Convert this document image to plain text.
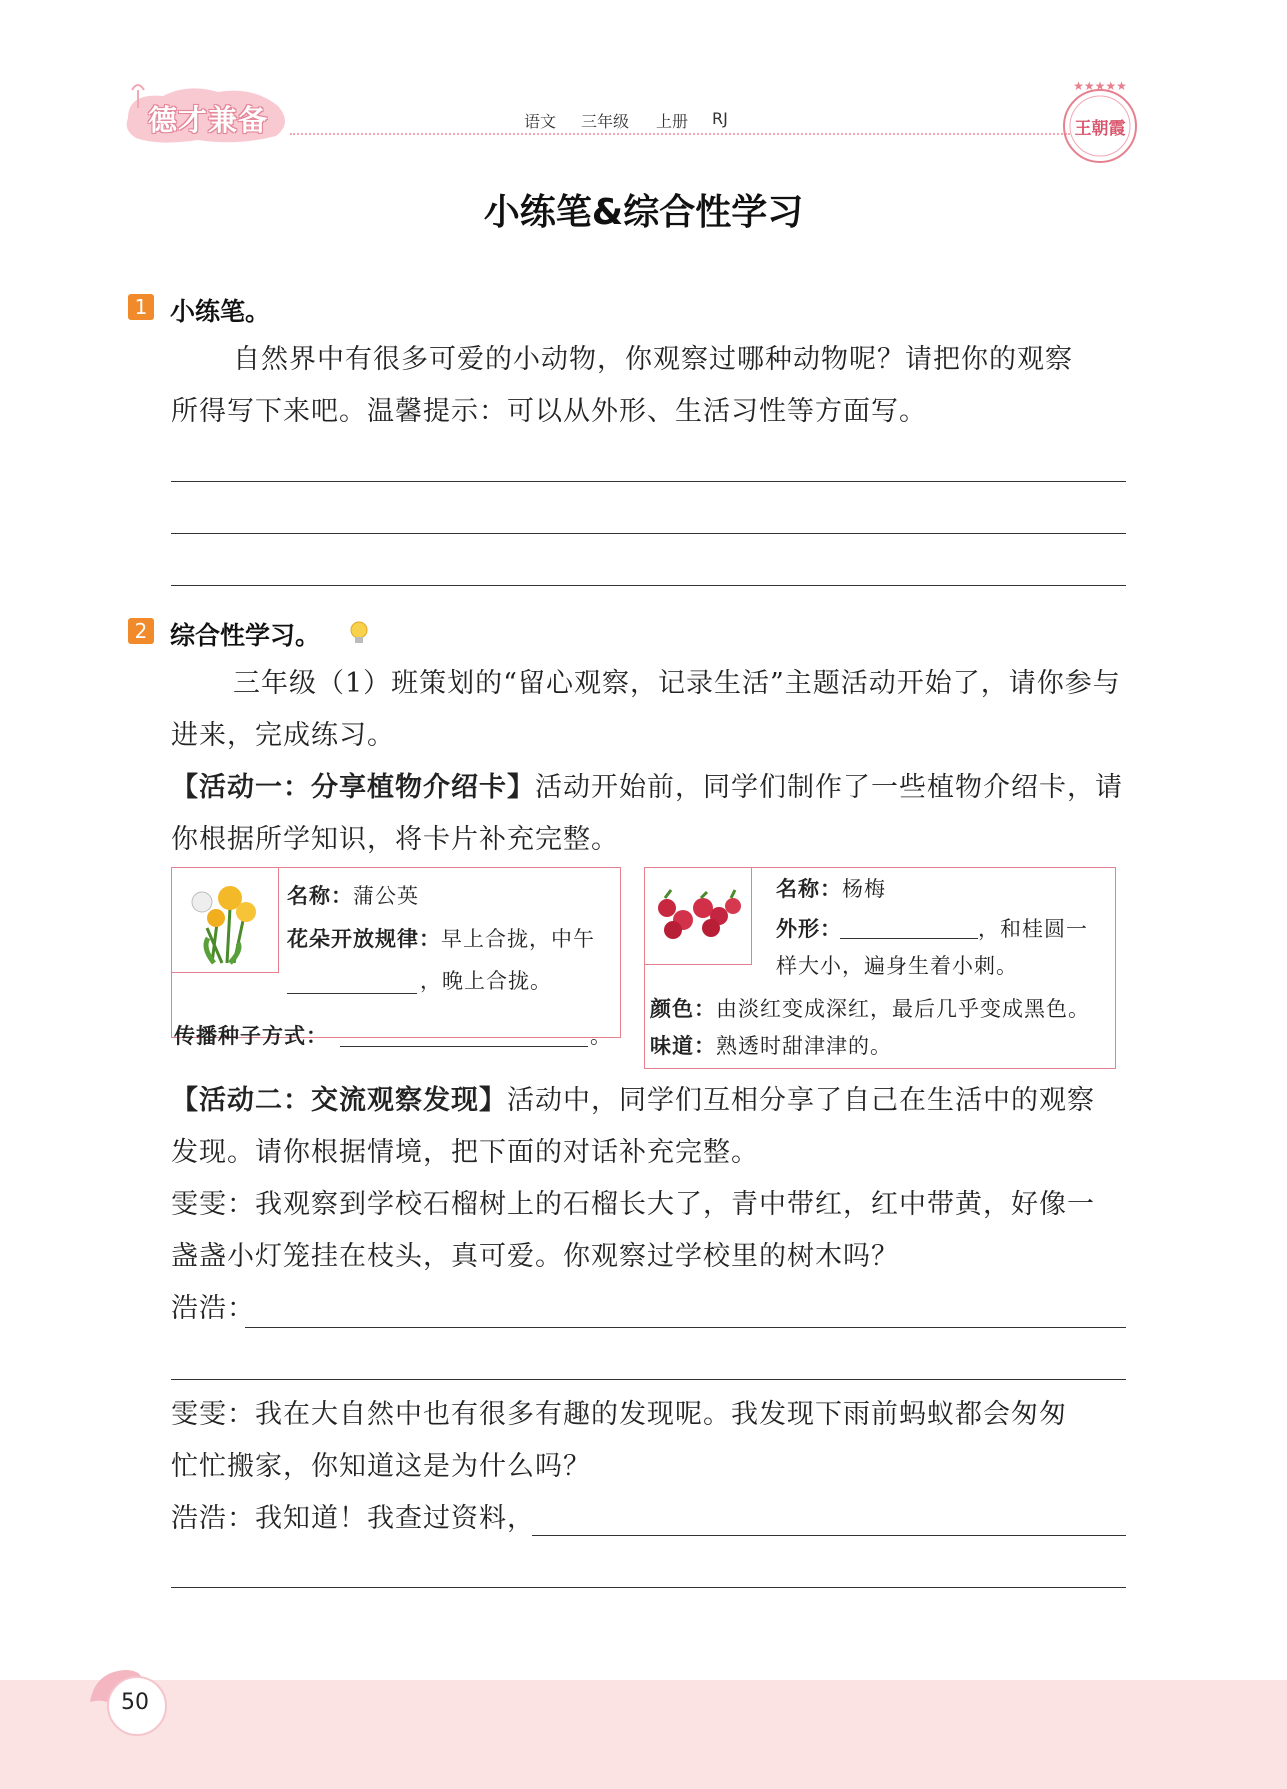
德才兼备	语文 三年级 上册 RJ
★★★★★
王朝霞
小练笔&综合性学习
1 小练笔。
自然界中有很多可爱的小动物，你观察过哪种动物呢？请把你的观察
所得写下来吧。温馨提示：可以从外形、生活习性等方面写。
2 综合性学习。
三年级（1）班策划的“留心观察，记录生活”主题活动开始了，请你参与
进来，完成练习。
【活动一：分享植物介绍卡】活动开始前，同学们制作了一些植物介绍卡，请
你根据所学知识，将卡片补充完整。
名称：蒲公英
花朵开放规律：早上合拢，中午
，晚上合拢。
传播种子方式：	。
名称：杨梅
外形：	，和桂圆一
样大小，遍身生着小刺。
颜色：由淡红变成深红，最后几乎变成黑色。
味道：熟透时甜津津的。
【活动二：交流观察发现】活动中，同学们互相分享了自己在生活中的观察
发现。请你根据情境，把下面的对话补充完整。
雯雯：我观察到学校石榴树上的石榴长大了，青中带红，红中带黄，好像一
盏盏小灯笼挂在枝头，真可爱。你观察过学校里的树木吗？
浩浩：
雯雯：我在大自然中也有很多有趣的发现呢。我发现下雨前蚂蚁都会匆匆
忙忙搬家，你知道这是为什么吗？
浩浩：我知道！我查过资料，
50
